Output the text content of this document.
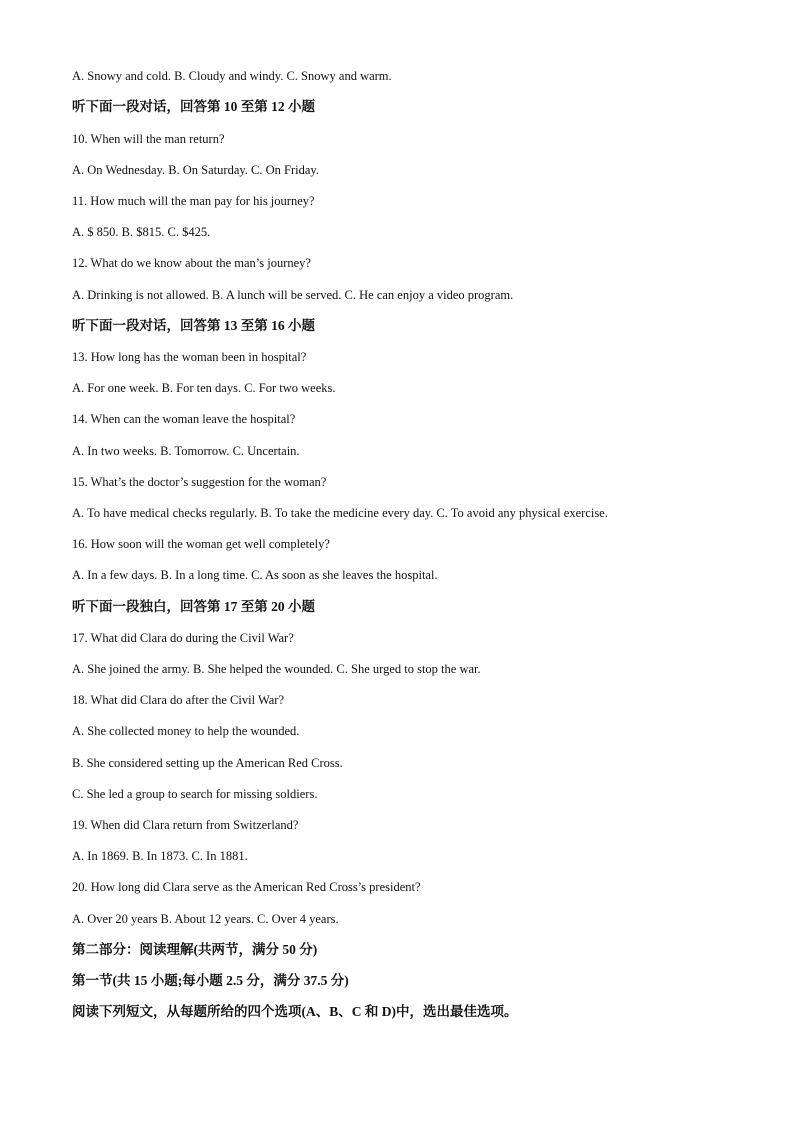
A. Snowy and cold. B. Cloudy and windy. C. Snowy and warm.
听下面一段对话，回答第 10 至第 12 小题
10. When will the man return?
A. On Wednesday. B. On Saturday. C. On Friday.
11. How much will the man pay for his journey?
A. $ 850. B. $815. C. $425.
12. What do we know about the man’s journey?
A. Drinking is not allowed. B. A lunch will be served. C. He can enjoy a video program.
听下面一段对话，回答第 13 至第 16 小题
13. How long has the woman been in hospital?
A. For one week. B. For ten days. C. For two weeks.
14. When can the woman leave the hospital?
A. In two weeks. B. Tomorrow. C. Uncertain.
15. What’s the doctor’s suggestion for the woman?
A. To have medical checks regularly. B. To take the medicine every day. C. To avoid any physical exercise.
16. How soon will the woman get well completely?
A. In a few days. B. In a long time. C. As soon as she leaves the hospital.
听下面一段独白，回答第 17 至第 20 小题
17. What did Clara do during the Civil War?
A. She joined the army. B. She helped the wounded. C. She urged to stop the war.
18. What did Clara do after the Civil War?
A. She collected money to help the wounded.
B. She considered setting up the American Red Cross.
C. She led a group to search for missing soldiers.
19. When did Clara return from Switzerland?
A. In 1869. B. In 1873. C. In 1881.
20. How long did Clara serve as the American Red Cross’s president?
A. Over 20 years B. About 12 years. C. Over 4 years.
第二部分：阅读理解(共两节，满分 50 分)
第一节(共 15 小题;每小题 2.5 分，满分 37.5 分)
阅读下列短文，从每题所给的四个选项(A、B、C 和 D)中，选出最佳选项。
